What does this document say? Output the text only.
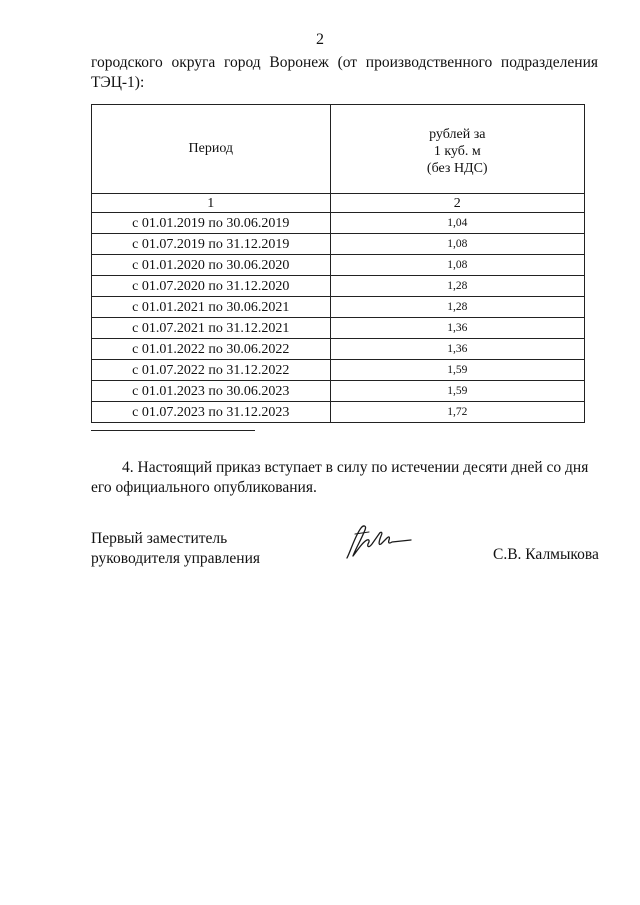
2
городского округа город Воронеж (от производственного подразделения
ТЭЦ-1):
Период	рублей за
1 куб. м
(без НДС)

1	2
с 01.01.2019 по 30.06.2019	1,04
с 01.07.2019 по 31.12.2019	1,08
с 01.01.2020 по 30.06.2020	1,08
с 01.07.2020 по 31.12.2020	1,28
с 01.01.2021 по 30.06.2021	1,28
с 01.07.2021 по 31.12.2021	1,36
с 01.01.2022 по 30.06.2022	1,36
с 01.07.2022 по 31.12.2022	1,59
с 01.01.2023 по 30.06.2023	1,59
с 01.07.2023 по 31.12.2023	1,72
4. Настоящий приказ вступает в силу по истечении десяти дней со дня его официального опубликования.
Первый заместитель
руководителя управления	С.В. Калмыкова
